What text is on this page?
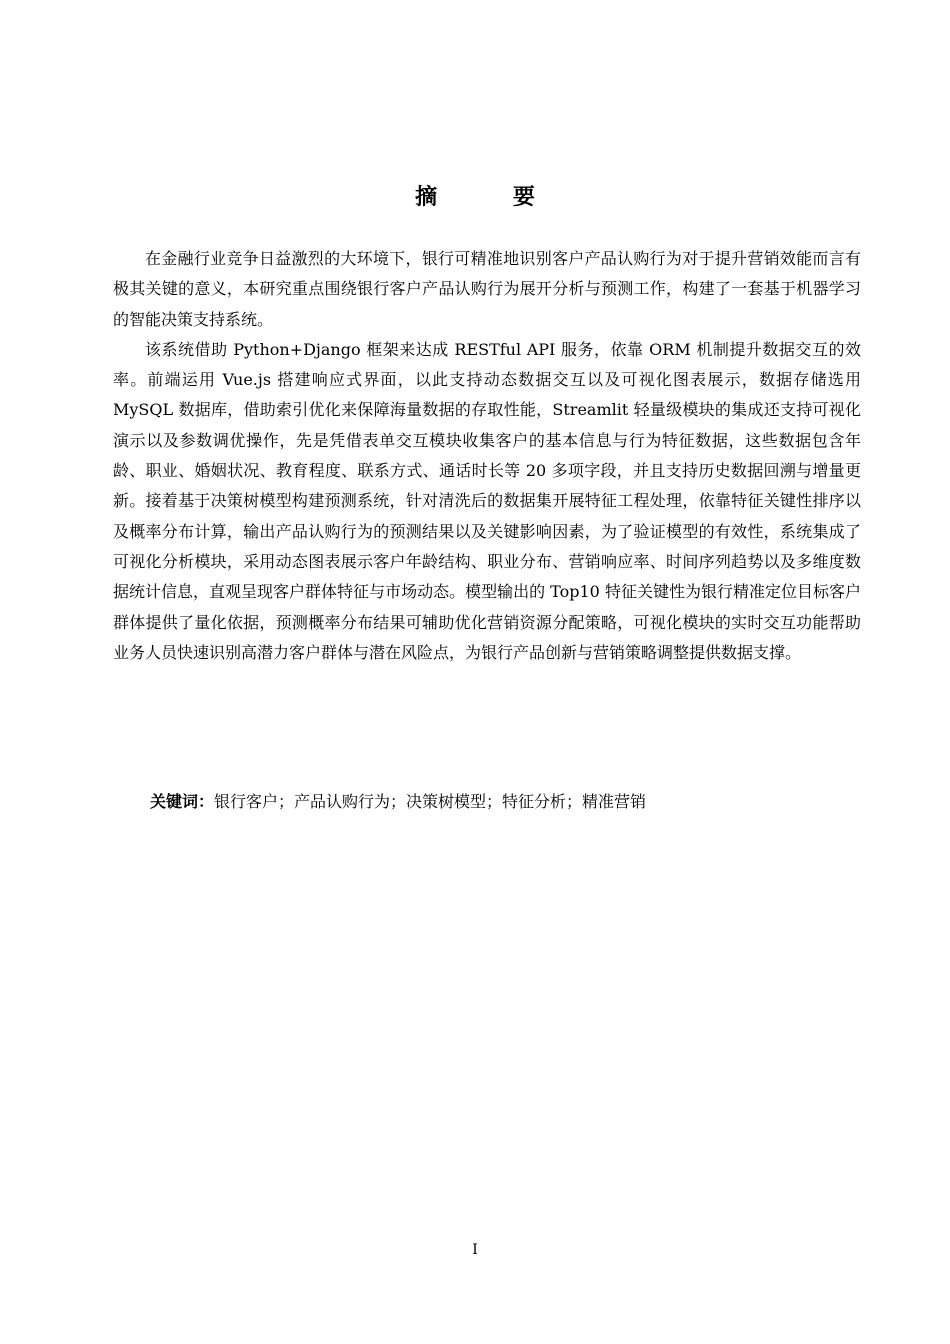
摘 要

在金融行业竞争日益激烈的大环境下，银行可精准地识别客户产品认购行为对于提升营销效能而言有极其关键的意义，本研究重点围绕银行客户产品认购行为展开分析与预测工作，构建了一套基于机器学习的智能决策支持系统。

该系统借助 Python+Django 框架来达成 RESTful API 服务，依靠 ORM 机制提升数据交互的效率。前端运用 Vue.js 搭建响应式界面，以此支持动态数据交互以及可视化图表展示，数据存储选用 MySQL 数据库，借助索引优化来保障海量数据的存取性能，Streamlit 轻量级模块的集成还支持可视化演示以及参数调优操作，先是凭借表单交互模块收集客户的基本信息与行为特征数据，这些数据包含年龄、职业、婚姻状况、教育程度、联系方式、通话时长等 20 多项字段，并且支持历史数据回溯与增量更新。接着基于决策树模型构建预测系统，针对清洗后的数据集开展特征工程处理，依靠特征关键性排序以及概率分布计算，输出产品认购行为的预测结果以及关键影响因素，为了验证模型的有效性，系统集成了可视化分析模块，采用动态图表展示客户年龄结构、职业分布、营销响应率、时间序列趋势以及多维度数据统计信息，直观呈现客户群体特征与市场动态。模型输出的 Top10 特征关键性为银行精准定位目标客户群体提供了量化依据，预测概率分布结果可辅助优化营销资源分配策略，可视化模块的实时交互功能帮助业务人员快速识别高潜力客户群体与潜在风险点，为银行产品创新与营销策略调整提供数据支撑。

关键词：银行客户；产品认购行为；决策树模型；特征分析；精准营销
I
